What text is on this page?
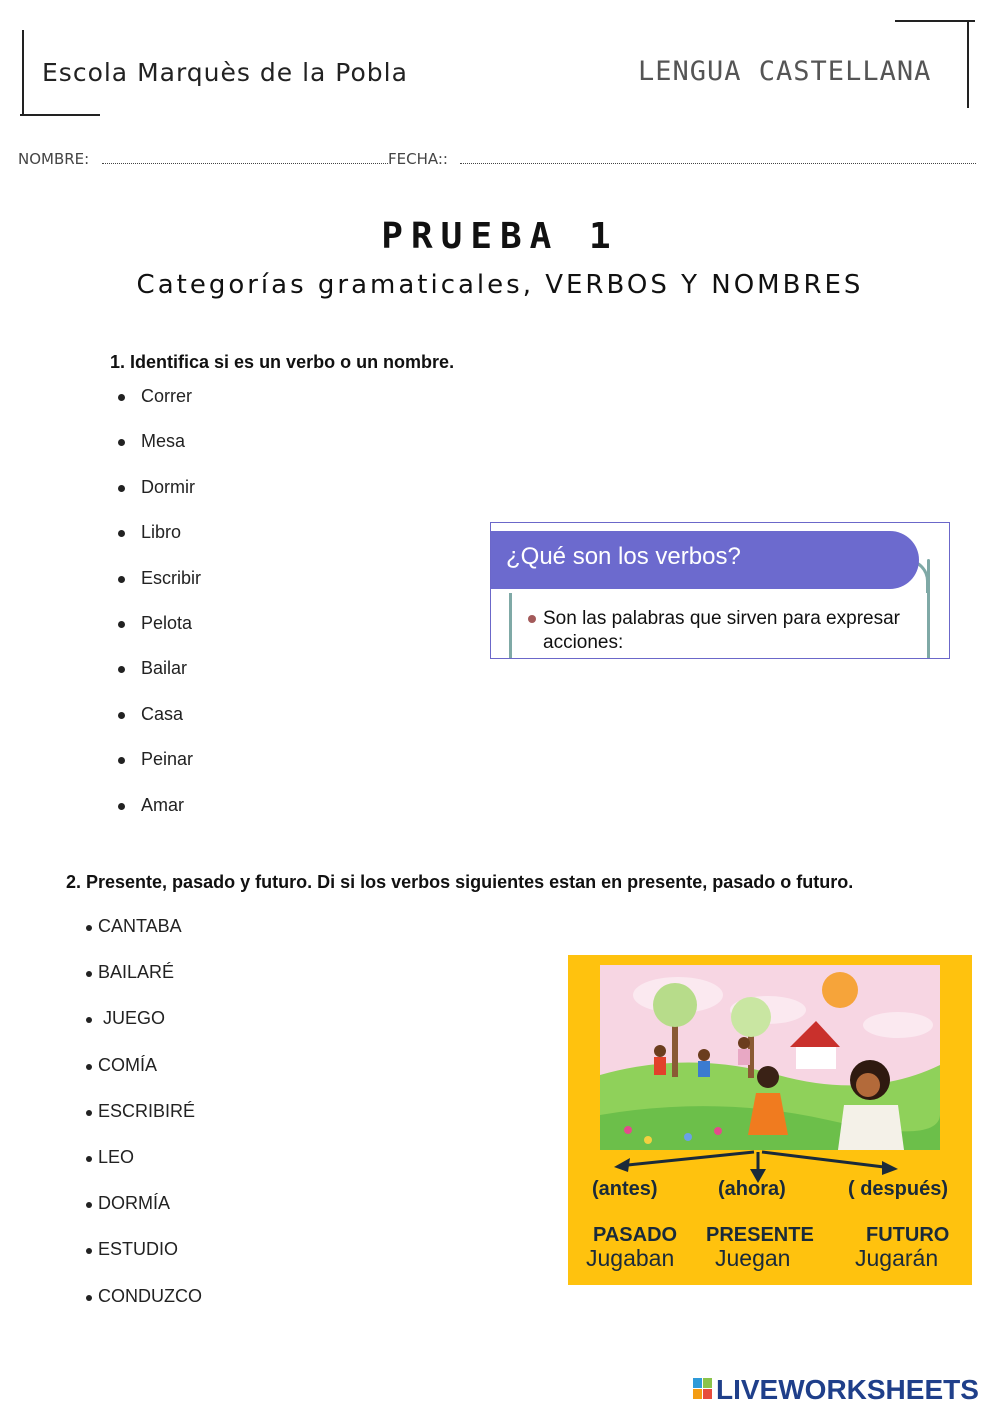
Escola Marquès de la Pobla	LENGUA CASTELLANA
NOMBRE:	FECHA::
PRUEBA 1
Categorías gramaticales, VERBOS Y NOMBRES
1. Identifica si es un verbo o un nombre.
Correr
Mesa
Dormir
Libro
Escribir
Pelota
Bailar
Casa
Peinar
Amar
¿Qué son los verbos?
Son las palabras que sirven para expresar acciones:
2. Presente, pasado y futuro. Di si los verbos siguientes estan en presente, pasado o futuro.
CANTABA
BAILARÉ
JUEGO
COMÍA
ESCRIBIRÉ
LEO
DORMÍA
ESTUDIO
CONDUZCO
(antes)	(ahora)	( después)
PASADO PRESENTE	FUTURO
Jugaban Juegan	Jugarán
LIVEWORKSHEETS
